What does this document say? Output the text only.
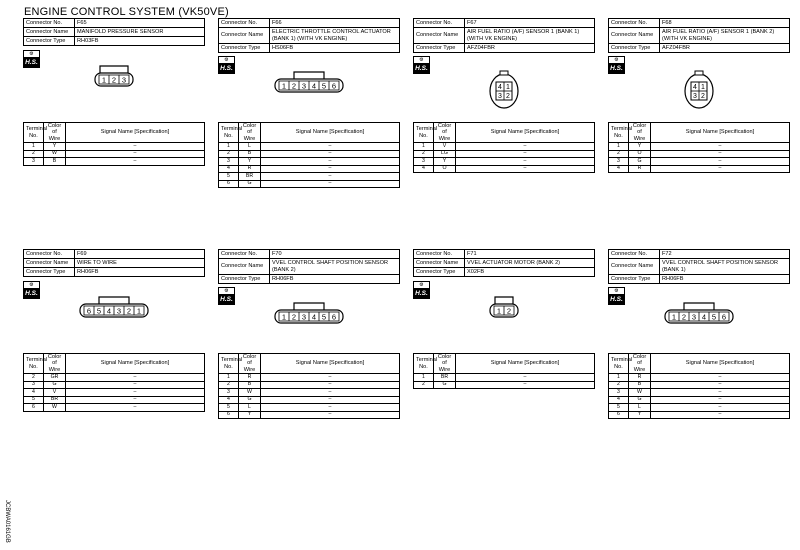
ENGINE CONTROL SYSTEM (VK50VE)
JCBWA0161GB
Connector No.	F65
Connector Name	MANIFOLD PRESSURE SENSOR
Connector Type	RH03FB
⚙
H.S.
1 2 3
Terminal No.	Color of Wire	Signal Name [Specification]
1	Y	–
2	W	–
3	B	–
Connector No.	F66
Connector Name	ELECTRIC THROTTLE CONTROL ACTUATOR (BANK 1) (WITH VK ENGINE)
Connector Type	HS06FB
⚙
H.S.
1 2 3 4 5 6
Terminal No.	Color of Wire	Signal Name [Specification]
1	L	–
2	B	–
3	Y	–
4	R	–
5	BR	–
6	G	–
Connector No.	F67
Connector Name	AIR FUEL RATIO (A/F) SENSOR 1 (BANK 1) (WITH VK ENGINE)
Connector Type	AFZ04FBR
⚙
H.S.
1
2
3
4
Terminal No.	Color of Wire	Signal Name [Specification]
1	V	–
2	LG	–
3	Y	–
4	O	–
Connector No.	F68
Connector Name	AIR FUEL RATIO (A/F) SENSOR 1 (BANK 2) (WITH VK ENGINE)
Connector Type	AFZ04FBR
⚙
H.S.
1
2
3
4
Terminal No.	Color of Wire	Signal Name [Specification]
1	Y	–
2	O	–
3	G	–
4	R	–
Connector No.	F69
Connector Name	WIRE TO WIRE
Connector Type	RH06FB
⚙
H.S.
6 5 4 3 2 1
Terminal No.	Color of Wire	Signal Name [Specification]
2	GR	–
3	G	–
4	V	–
5	BR	–
6	W	–
Connector No.	F70
Connector Name	VVEL CONTROL SHAFT POSITION SENSOR (BANK 2)
Connector Type	RH06FB
⚙
H.S.
1 2 3 4 5 6
Terminal No.	Color of Wire	Signal Name [Specification]
1	R	–
2	B	–
3	W	–
4	G	–
5	L	–
6	Y	–
Connector No.	F71
Connector Name	VVEL ACTUATOR MOTOR (BANK 2)
Connector Type	X02FB
⚙
H.S.
1 2
Terminal No.	Color of Wire	Signal Name [Specification]
1	BR	–
2	G	–
Connector No.	F72
Connector Name	VVEL CONTROL SHAFT POSITION SENSOR (BANK 1)
Connector Type	RH06FB
⚙
H.S.
1 2 3 4 5 6
Terminal No.	Color of Wire	Signal Name [Specification]
1	R	–
2	B	–
3	W	–
4	G	–
5	L	–
6	Y	–
